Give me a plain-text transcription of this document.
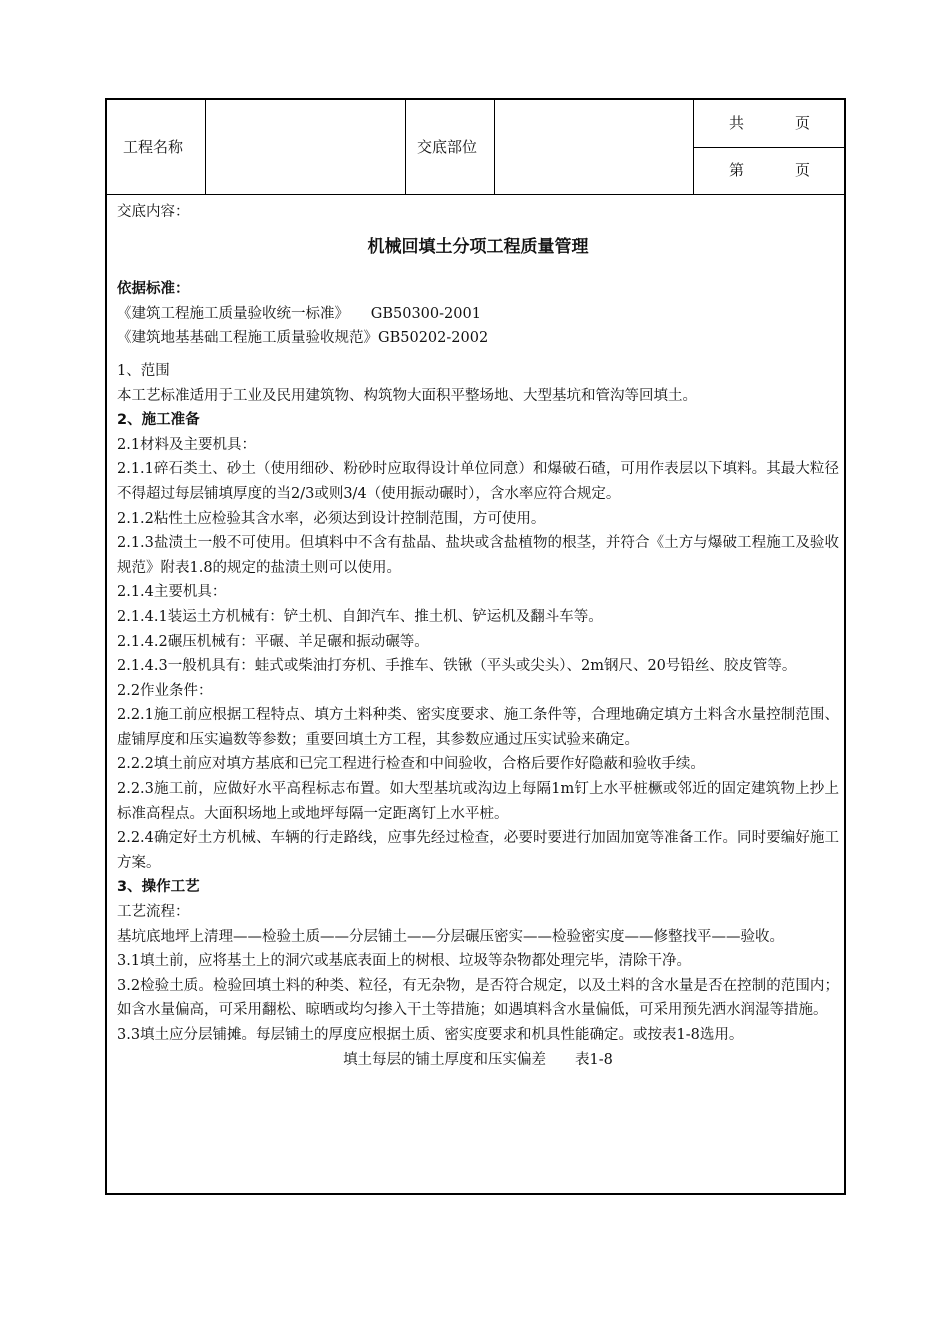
工程名称	交底部位
共	页
第	页

交底内容：

机械回填土分项工程质量管理

依据标准：

《建筑工程施工质量验收统一标准》　　GB50300-2001

《建筑地基基础工程施工质量验收规范》GB50202-2002

1、范围

本工艺标准适用于工业及民用建筑物、构筑物大面积平整场地、大型基坑和管沟等回填土。

2、施工准备

2.1材料及主要机具：

2.1.1碎石类土、砂土（使用细砂、粉砂时应取得设计单位同意）和爆破石碴，可用作表层以下填料。其最大粒径不得超过每层铺填厚度的当2/3或则3/4（使用振动碾时），含水率应符合规定。

2.1.2粘性土应检验其含水率，必须达到设计控制范围，方可使用。

2.1.3盐渍土一般不可使用。但填料中不含有盐晶、盐块或含盐植物的根茎，并符合《土方与爆破工程施工及验收规范》附表1.8的规定的盐渍土则可以使用。

2.1.4主要机具：

2.1.4.1装运土方机械有：铲土机、自卸汽车、推土机、铲运机及翻斗车等。

2.1.4.2碾压机械有：平碾、羊足碾和振动碾等。

2.1.4.3一般机具有：蛙式或柴油打夯机、手推车、铁锹（平头或尖头）、2m钢尺、20号铅丝、胶皮管等。

2.2作业条件：

2.2.1施工前应根据工程特点、填方土料种类、密实度要求、施工条件等，合理地确定填方土料含水量控制范围、虚铺厚度和压实遍数等参数；重要回填土方工程，其参数应通过压实试验来确定。

2.2.2填土前应对填方基底和已完工程进行检查和中间验收，合格后要作好隐蔽和验收手续。

2.2.3施工前，应做好水平高程标志布置。如大型基坑或沟边上每隔1m钉上水平桩橛或邻近的固定建筑物上抄上标准高程点。大面积场地上或地坪每隔一定距离钉上水平桩。

2.2.4确定好土方机械、车辆的行走路线，应事先经过检查，必要时要进行加固加宽等准备工作。同时要编好施工方案。

3、操作工艺

工艺流程：

基坑底地坪上清理——检验土质——分层铺土——分层碾压密实——检验密实度——修整找平——验收。

3.1填土前，应将基土上的洞穴或基底表面上的树根、垃圾等杂物都处理完毕，清除干净。

3.2检验土质。检验回填土料的种类、粒径，有无杂物，是否符合规定，以及土料的含水量是否在控制的范围内；如含水量偏高，可采用翻松、晾晒或均匀掺入干土等措施；如遇填料含水量偏低，可采用预先洒水润湿等措施。

3.3填土应分层铺摊。每层铺土的厚度应根据土质、密实度要求和机具性能确定。或按表1-8选用。

填土每层的铺土厚度和压实偏差　　表1-8
